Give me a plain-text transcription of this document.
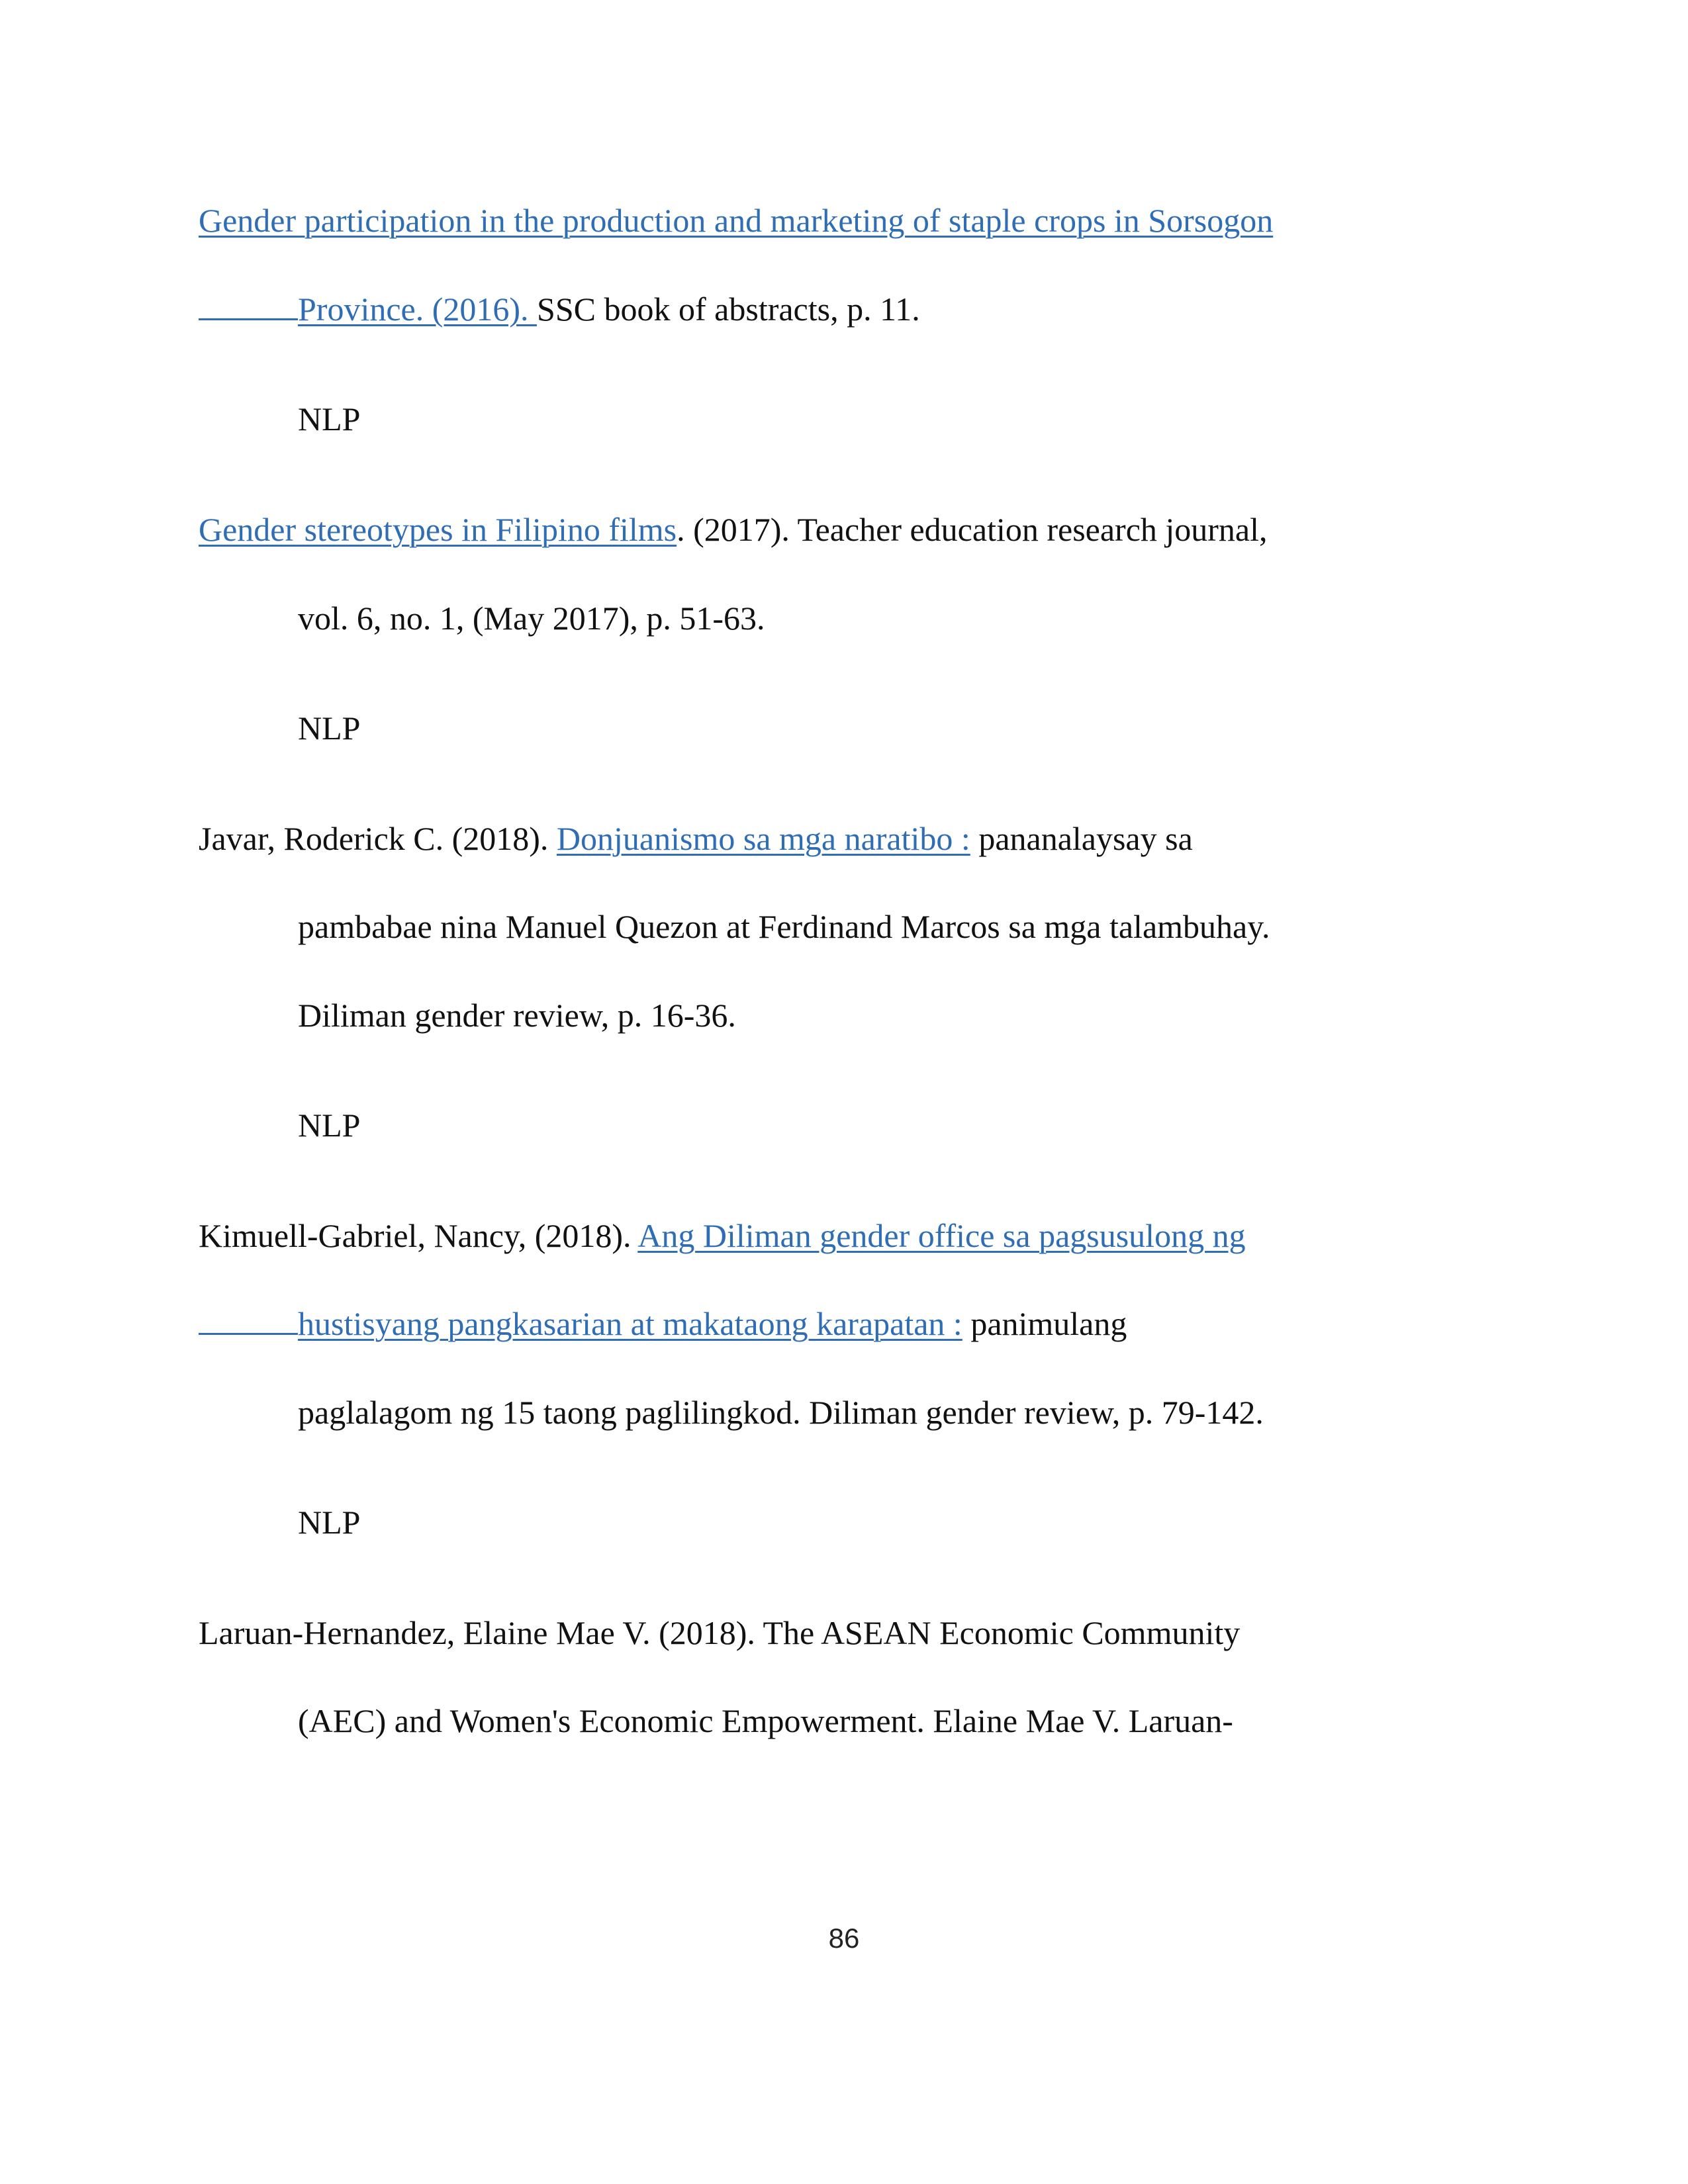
Gender participation in the production and marketing of staple crops in Sorsogon
Province. (2016). SSC book of abstracts, p. 11.
NLP
Gender stereotypes in Filipino films. (2017). Teacher education research journal,
vol. 6, no. 1, (May 2017), p. 51-63.
NLP
Javar, Roderick C. (2018). Donjuanismo sa mga naratibo : pananalaysay sa
pambabae nina Manuel Quezon at Ferdinand Marcos sa mga talambuhay.
Diliman gender review, p. 16-36.
NLP
Kimuell-Gabriel, Nancy, (2018). Ang Diliman gender office sa pagsusulong ng
hustisyang pangkasarian at makataong karapatan : panimulang
paglalagom ng 15 taong paglilingkod. Diliman gender review, p. 79-142.
NLP
Laruan-Hernandez, Elaine Mae V. (2018). The ASEAN Economic Community
(AEC) and Women's Economic Empowerment. Elaine Mae V. Laruan-
86
